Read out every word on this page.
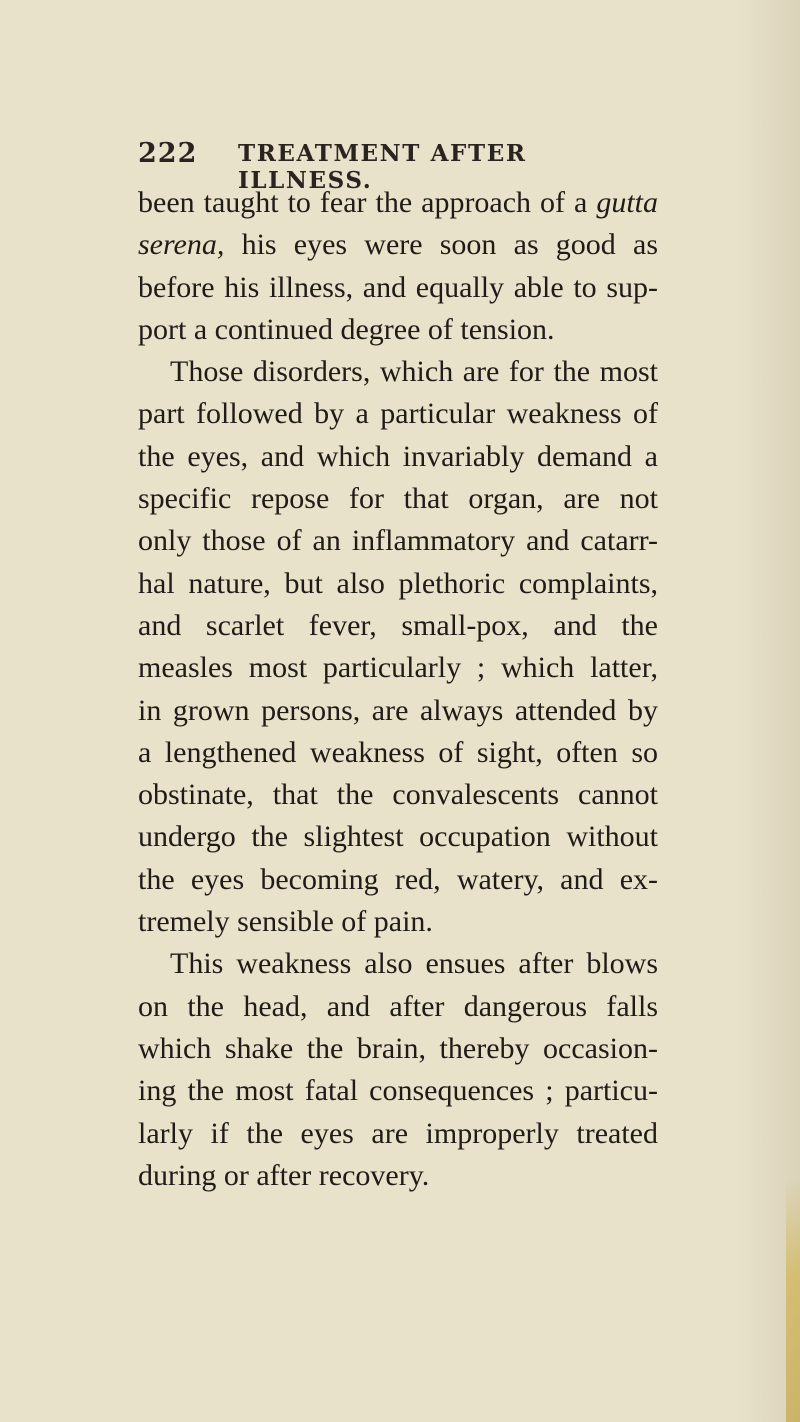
222 TREATMENT AFTER ILLNESS.
been taught to fear the approach of a gutta
serena, his eyes were soon as good as
before his illness, and equally able to sup-
port a continued degree of tension.
Those disorders, which are for the most
part followed by a particular weakness of
the eyes, and which invariably demand a
specific repose for that organ, are not
only those of an inflammatory and catarr-
hal nature, but also plethoric complaints,
and scarlet fever, small-pox, and the
measles most particularly ; which latter,
in grown persons, are always attended by
a lengthened weakness of sight, often so
obstinate, that the convalescents cannot
undergo the slightest occupation without
the eyes becoming red, watery, and ex-
tremely sensible of pain.
This weakness also ensues after blows
on the head, and after dangerous falls
which shake the brain, thereby occasion-
ing the most fatal consequences ; particu-
larly if the eyes are improperly treated
during or after recovery.
